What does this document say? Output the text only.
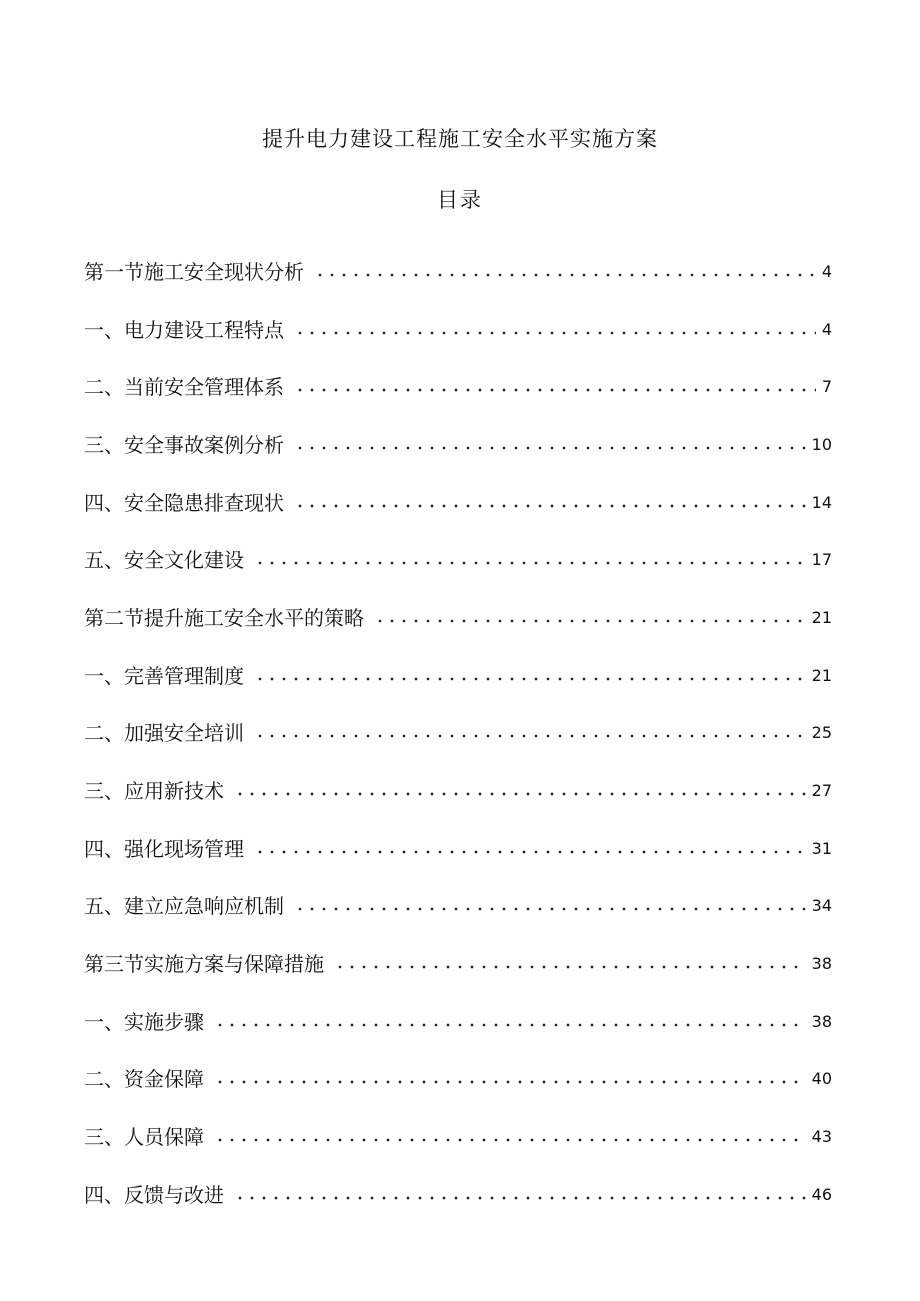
提升电力建设工程施工安全水平实施方案
目录
第一节施工安全现状分析	4
一、电力建设工程特点	4
二、当前安全管理体系	7
三、安全事故案例分析	10
四、安全隐患排查现状	14
五、安全文化建设	17
第二节提升施工安全水平的策略	21
一、完善管理制度	21
二、加强安全培训	25
三、应用新技术	27
四、强化现场管理	31
五、建立应急响应机制	34
第三节实施方案与保障措施	38
一、实施步骤	38
二、资金保障	40
三、人员保障	43
四、反馈与改进	46
